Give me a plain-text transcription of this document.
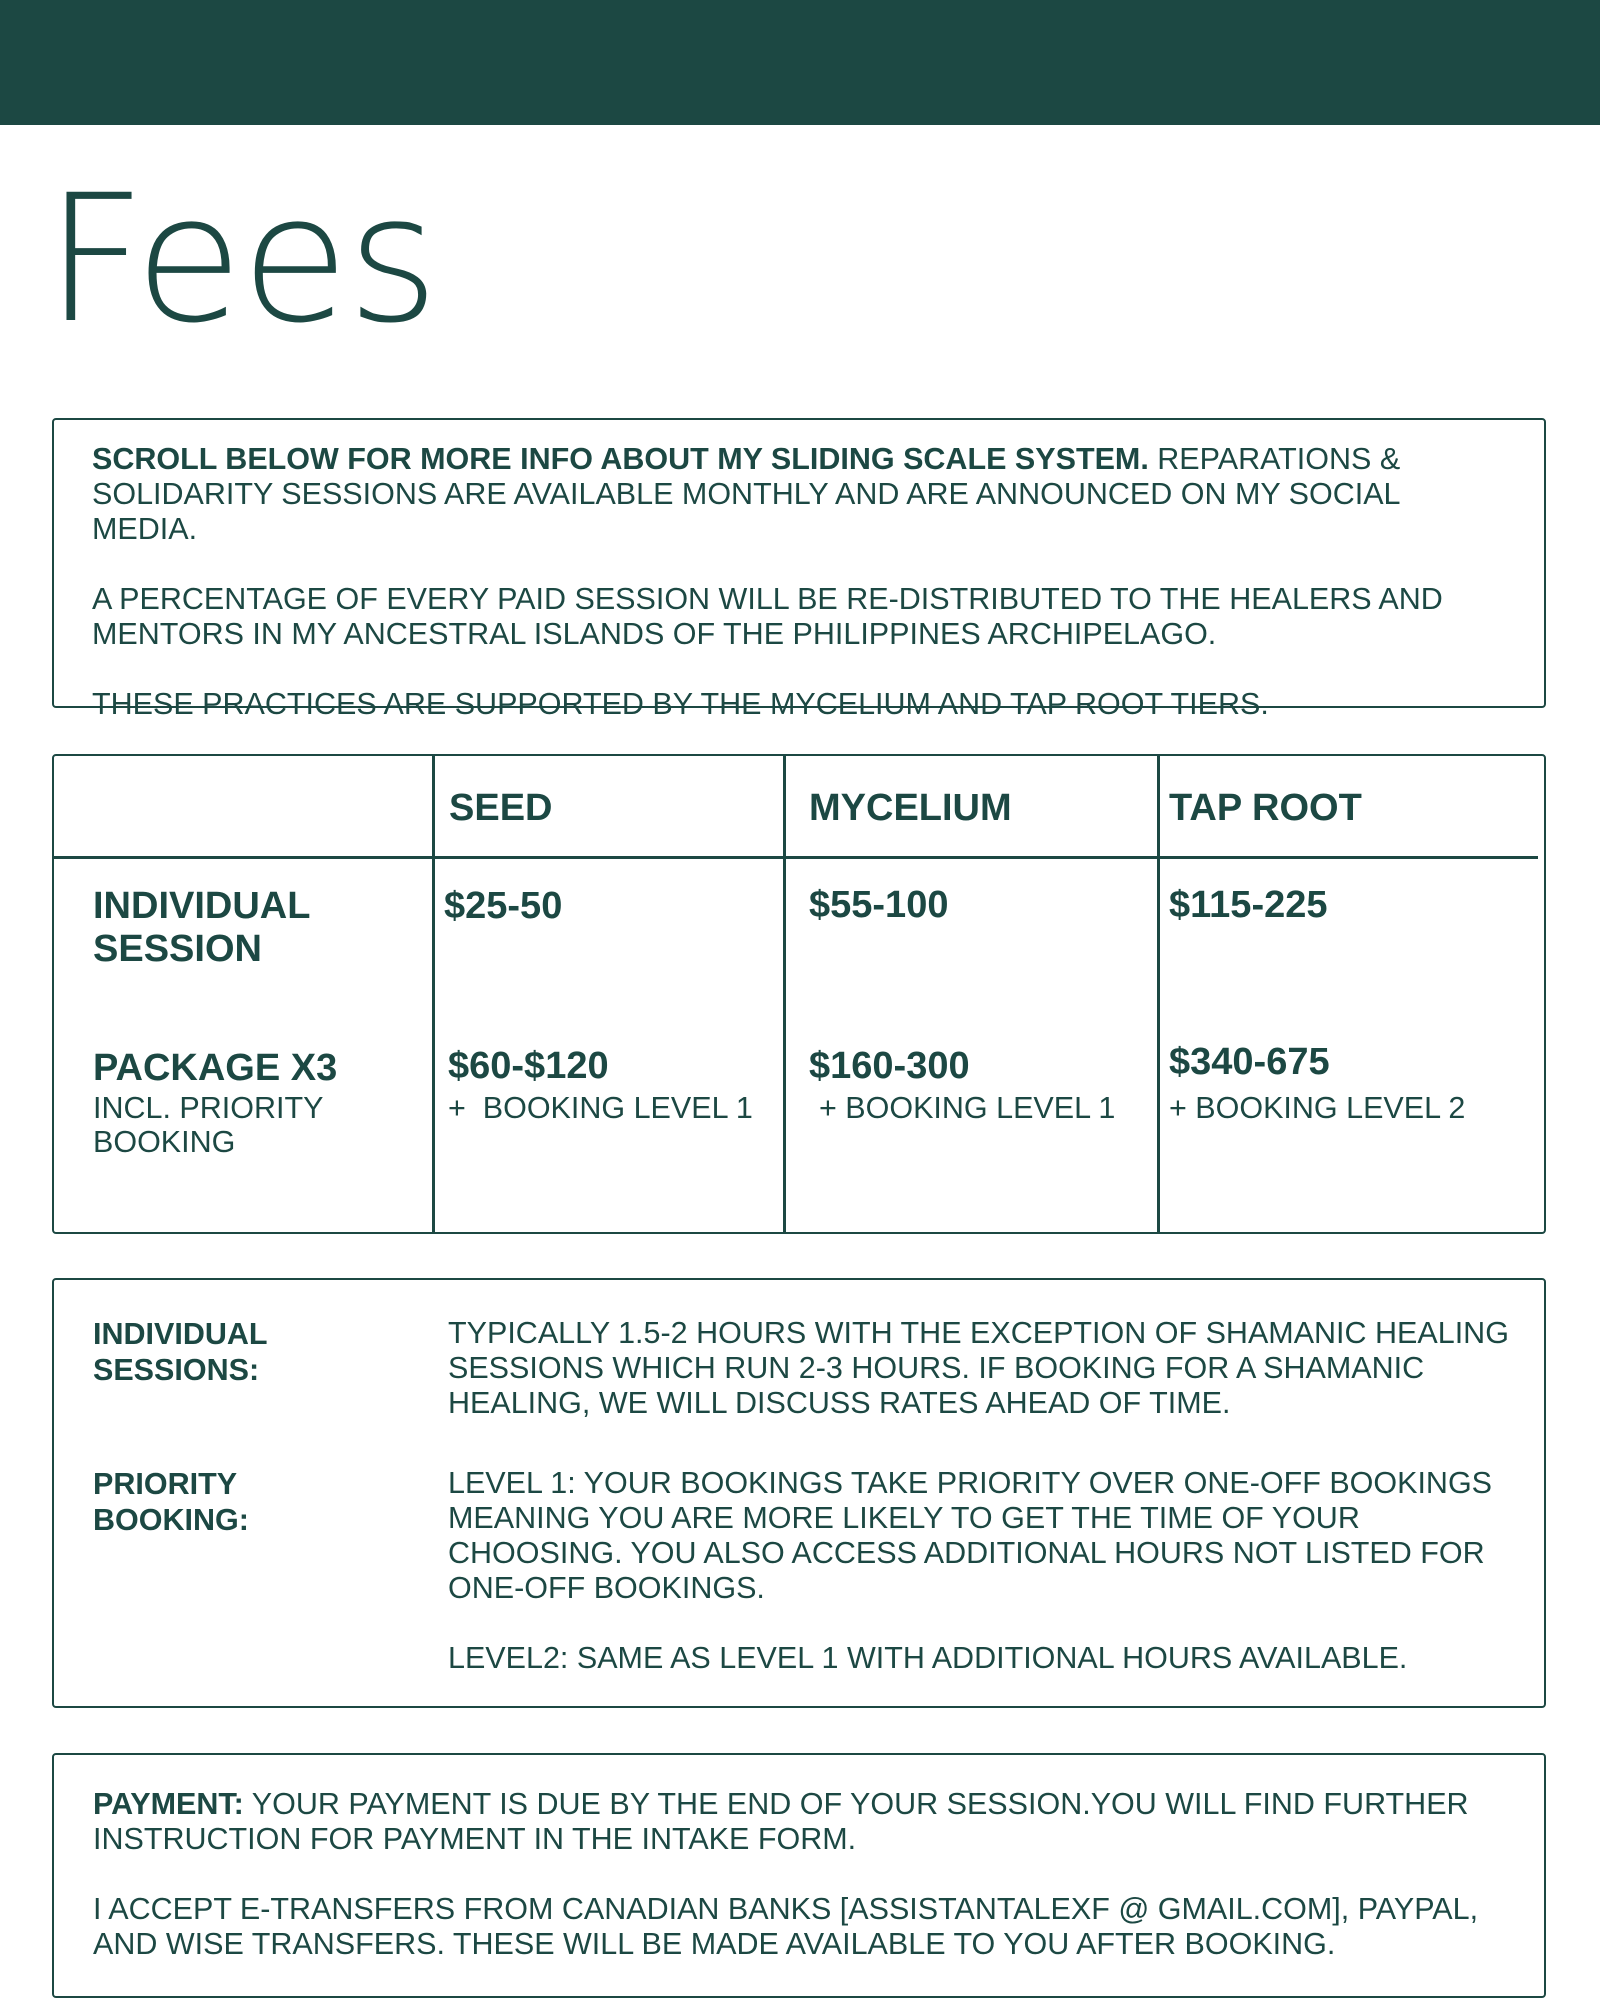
Fees

SCROLL BELOW FOR MORE INFO ABOUT MY SLIDING SCALE SYSTEM. REPARATIONS & SOLIDARITY SESSIONS ARE AVAILABLE MONTHLY AND ARE ANNOUNCED ON MY SOCIAL MEDIA.

A PERCENTAGE OF EVERY PAID SESSION WILL BE RE-DISTRIBUTED TO THE HEALERS AND MENTORS IN MY ANCESTRAL ISLANDS OF THE PHILIPPINES ARCHIPELAGO.

THESE PRACTICES ARE SUPPORTED BY THE MYCELIUM AND TAP ROOT TIERS.

SEED	MYCELIUM	TAP ROOT
INDIVIDUAL
SESSION
$25-50	$55-100	$115-225
PACKAGE X3
INCL. PRIORITY
BOOKING
$60-$120	$160-300	$340-675
+  BOOKING LEVEL 1 + BOOKING LEVEL 1 + BOOKING LEVEL 2
INDIVIDUAL
SESSIONS:
TYPICALLY 1.5-2 HOURS WITH THE EXCEPTION OF SHAMANIC HEALING SESSIONS WHICH RUN 2-3 HOURS. IF BOOKING FOR A SHAMANIC HEALING, WE WILL DISCUSS RATES AHEAD OF TIME.
PRIORITY
BOOKING:
LEVEL 1: YOUR BOOKINGS TAKE PRIORITY OVER ONE-OFF BOOKINGS MEANING YOU ARE MORE LIKELY TO GET THE TIME OF YOUR CHOOSING. YOU ALSO ACCESS ADDITIONAL HOURS NOT LISTED FOR ONE-OFF BOOKINGS.
LEVEL2: SAME AS LEVEL 1 WITH ADDITIONAL HOURS AVAILABLE.

PAYMENT: YOUR PAYMENT IS DUE BY THE END OF YOUR SESSION.YOU WILL FIND FURTHER INSTRUCTION FOR PAYMENT IN THE INTAKE FORM.

I ACCEPT E-TRANSFERS FROM CANADIAN BANKS [ASSISTANTALEXF @ GMAIL.COM], PAYPAL, AND WISE TRANSFERS. THESE WILL BE MADE AVAILABLE TO YOU AFTER BOOKING.
